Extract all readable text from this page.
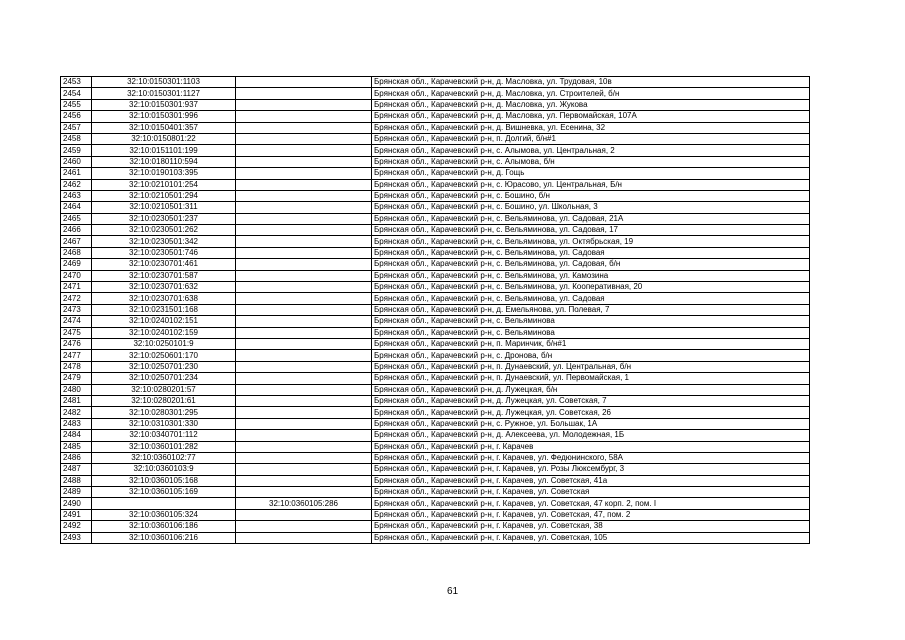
2453	32:10:0150301:1103		Брянская обл., Карачевский р-н, д. Масловка, ул. Трудовая, 10в
2454	32:10:0150301:1127		Брянская обл., Карачевский р-н, д. Масловка, ул. Строителей, б/н
2455	32:10:0150301:937		Брянская обл., Карачевский р-н, д. Масловка, ул. Жукова
2456	32:10:0150301:996		Брянская обл., Карачевский р-н, д. Масловка, ул. Первомайская, 107А
2457	32:10:0150401:357		Брянская обл., Карачевский р-н, д. Вишневка, ул. Есенина, 32
2458	32:10:0150801:22		Брянская обл., Карачевский р-н, п. Долгий, б/н#1
2459	32:10:0151101:199		Брянская обл., Карачевский р-н, с. Алымова, ул. Центральная, 2
2460	32:10:0180110:594		Брянская обл., Карачевский р-н, с. Алымова, б/н
2461	32:10:0190103:395		Брянская обл., Карачевский р-н, д. Гощь
2462	32:10:0210101:254		Брянская обл., Карачевский р-н, с. Юрасово, ул. Центральная, Б/н
2463	32:10:0210501:294		Брянская обл., Карачевский р-н, с. Бошино, б/н
2464	32:10:0210501:311		Брянская обл., Карачевский р-н, с. Бошино, ул. Школьная, 3
2465	32:10:0230501:237		Брянская обл., Карачевский р-н, с. Вельяминова, ул. Садовая, 21А
2466	32:10:0230501:262		Брянская обл., Карачевский р-н, с. Вельяминова, ул. Садовая, 17
2467	32:10:0230501:342		Брянская обл., Карачевский р-н, с. Вельяминова, ул. Октябрьская, 19
2468	32:10:0230501:746		Брянская обл., Карачевский р-н, с. Вельяминова, ул. Садовая
2469	32:10:0230701:461		Брянская обл., Карачевский р-н, с. Вельяминова, ул. Садовая, б/н
2470	32:10:0230701:587		Брянская обл., Карачевский р-н, с. Вельяминова, ул. Камозина
2471	32:10:0230701:632		Брянская обл., Карачевский р-н, с. Вельяминова, ул. Кооперативная, 20
2472	32:10:0230701:638		Брянская обл., Карачевский р-н, с. Вельяминова, ул. Садовая
2473	32:10:0231501:168		Брянская обл., Карачевский р-н, д. Емельянова, ул. Полевая, 7
2474	32:10:0240102:151		Брянская обл., Карачевский р-н, с. Вельяминова
2475	32:10:0240102:159		Брянская обл., Карачевский р-н, с. Вельяминова
2476	32:10:0250101:9		Брянская обл., Карачевский р-н, п. Маринчик, б/н#1
2477	32:10:0250601:170		Брянская обл., Карачевский р-н, с. Дронова, б/н
2478	32:10:0250701:230		Брянская обл., Карачевский р-н, п. Дунаевский, ул. Центральная, б/н
2479	32:10:0250701:234		Брянская обл., Карачевский р-н, п. Дунаевский, ул. Первомайская, 1
2480	32:10:0280201:57		Брянская обл., Карачевский р-н, д. Лужецкая, б/н
2481	32:10:0280201:61		Брянская обл., Карачевский р-н, д. Лужецкая, ул. Советская, 7
2482	32:10:0280301:295		Брянская обл., Карачевский р-н, д. Лужецкая, ул. Советская, 26
2483	32:10:0310301:330		Брянская обл., Карачевский р-н, с. Ружное, ул. Большак, 1А
2484	32:10:0340701:112		Брянская обл., Карачевский р-н, д. Алексеева, ул. Молодежная, 1Б
2485	32:10:0360101:282		Брянская обл., Карачевский р-н, г. Карачев
2486	32:10:0360102:77		Брянская обл., Карачевский р-н, г. Карачев, ул. Федюнинского, 58А
2487	32:10:0360103:9		Брянская обл., Карачевский р-н, г. Карачев, ул. Розы Люксембург, 3
2488	32:10:0360105:168		Брянская обл., Карачевский р-н, г. Карачев, ул. Советская, 41а
2489	32:10:0360105:169		Брянская обл., Карачевский р-н, г. Карачев, ул. Советская
2490		32:10:0360105:286	Брянская обл., Карачевский р-н, г. Карачев, ул. Советская, 47 корп. 2, пом. I
2491	32:10:0360105:324		Брянская обл., Карачевский р-н, г. Карачев, ул. Советская, 47, пом. 2
2492	32:10:0360106:186		Брянская обл., Карачевский р-н, г. Карачев, ул. Советская, 38
2493	32:10:0360106:216		Брянская обл., Карачевский р-н, г. Карачев, ул. Советская, 105
61
